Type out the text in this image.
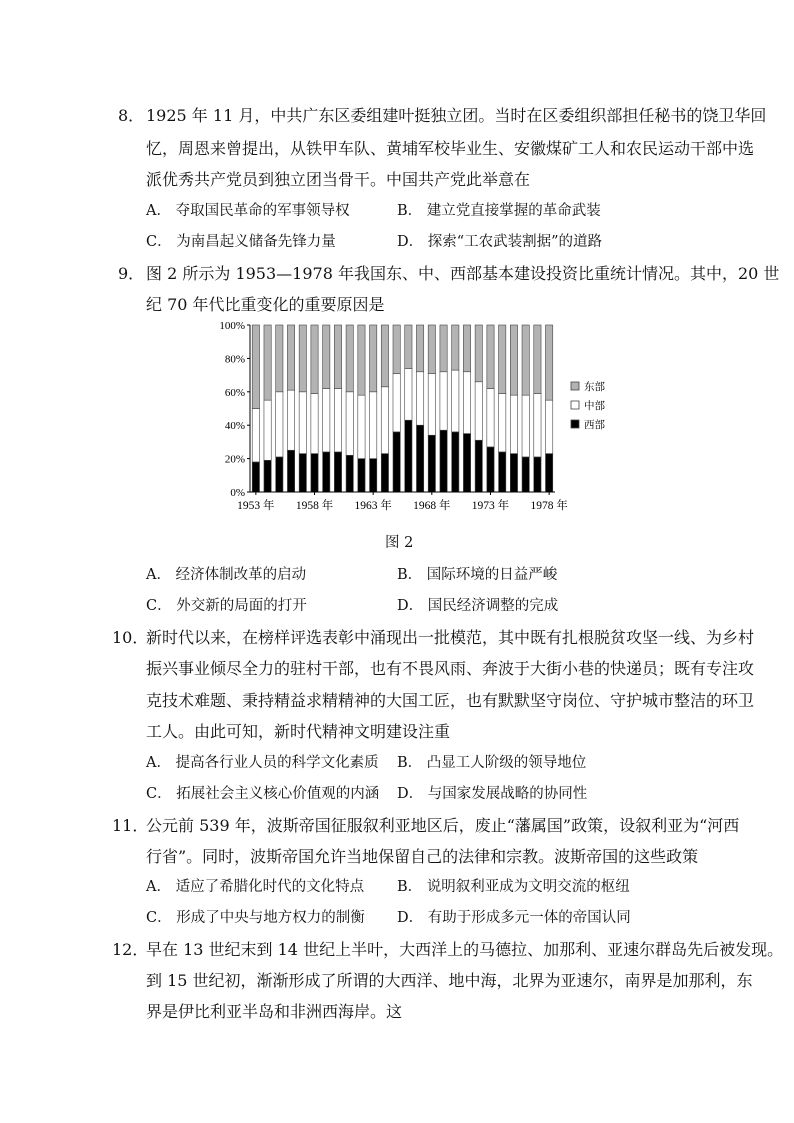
8． 1925 年 11 月，中共广东区委组建叶挺独立团。当时在区委组织部担任秘书的饶卫华回
忆，周恩来曾提出，从铁甲车队、黄埔军校毕业生、安徽煤矿工人和农民运动干部中选
派优秀共产党员到独立团当骨干。中国共产党此举意在
A． 夺取国民革命的军事领导权	B． 建立党直接掌握的革命武装
C． 为南昌起义储备先锋力量	D． 探索“工农武装割据”的道路
9． 图 2 所示为 1953—1978 年我国东、中、西部基本建设投资比重统计情况。其中，20 世
纪 70 年代比重变化的重要原因是
0%
20%
40%
60%
80%
100%
1953 年 1958 年 1963 年 1968 年 1973 年 1978 年
东部
中部
西部
图 2
A． 经济体制改革的启动	B． 国际环境的日益严峻
C． 外交新的局面的打开	D． 国民经济调整的完成
10．
新时代以来，在榜样评选表彰中涌现出一批模范，其中既有扎根脱贫攻坚一线、为乡村
振兴事业倾尽全力的驻村干部，也有不畏风雨、奔波于大街小巷的快递员；既有专注攻
克技术难题、秉持精益求精精神的大国工匠，也有默默坚守岗位、守护城市整洁的环卫
工人。由此可知，新时代精神文明建设注重
A． 提高各行业人员的科学文化素质 B． 凸显工人阶级的领导地位
C． 拓展社会主义核心价值观的内涵 D． 与国家发展战略的协同性
11．
公元前 539 年，波斯帝国征服叙利亚地区后，废止“藩属国”政策，设叙利亚为“河西
行省”。同时，波斯帝国允许当地保留自己的法律和宗教。波斯帝国的这些政策
A． 适应了希腊化时代的文化特点 B． 说明叙利亚成为文明交流的枢纽
C． 形成了中央与地方权力的制衡 D． 有助于形成多元一体的帝国认同
12．
早在 13 世纪末到 14 世纪上半叶，大西洋上的马德拉、加那利、亚速尔群岛先后被发现。
到 15 世纪初，渐渐形成了所谓的大西洋、地中海，北界为亚速尔，南界是加那利，东
界是伊比利亚半岛和非洲西海岸。这
